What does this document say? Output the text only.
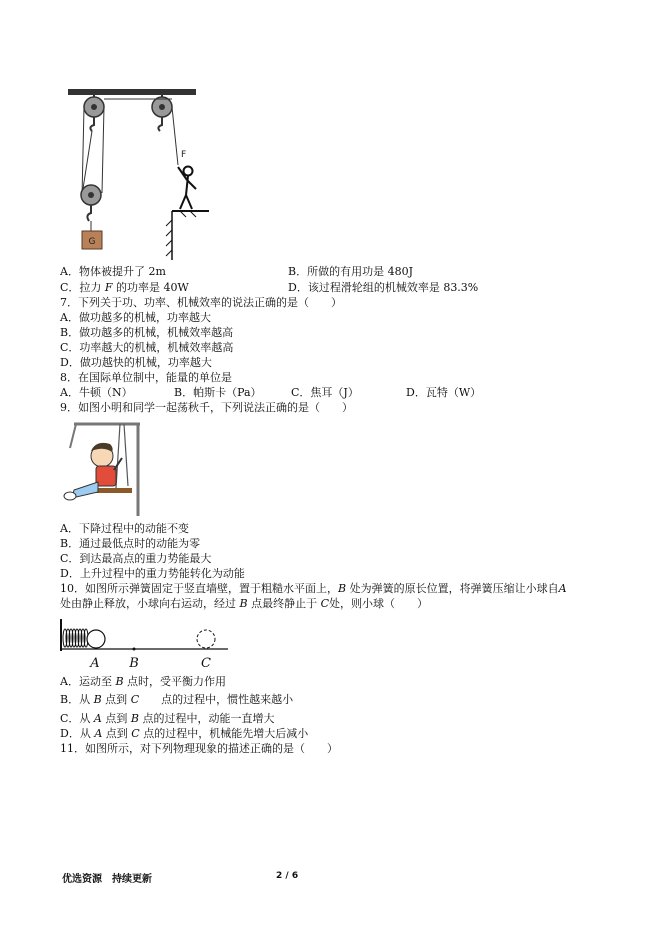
G
F
A．物体被提升了 2m	B．所做的有用功是 480J
C．拉力 F 的功率是 40W	D．该过程滑轮组的机械效率是 83.3%
7．下列关于功、功率、机械效率的说法正确的是（　　）
A．做功越多的机械，功率越大
B．做功越多的机械，机械效率越高
C．功率越大的机械，机械效率越高
D．做功越快的机械，功率越大
8．在国际单位制中，能量的单位是
A．牛顿（N）	B．帕斯卡（Pa）	C．焦耳（J）	D．瓦特（W）
9．如图小明和同学一起荡秋千，下列说法正确的是（　　）
A．下降过程中的动能不变
B．通过最低点时的动能为零
C．到达最高点的重力势能最大
D．上升过程中的重力势能转化为动能
10．如图所示弹簧固定于竖直墙壁，置于粗糙水平面上，B 处为弹簧的原长位置，将弹簧压缩让小球自A
处由静止释放，小球向右运动，经过 B 点最终静止于 C处，则小球（　　）
A B	C
A．运动至 B 点时，受平衡力作用
B．从 B 点到 C　　点的过程中，惯性越来越小
C．从 A 点到 B 点的过程中，动能一直增大
D．从 A 点到 C 点的过程中，机械能先增大后减小
11．如图所示，对下列物理现象的描述正确的是（　　）
优选资源　持续更新	2 / 6
